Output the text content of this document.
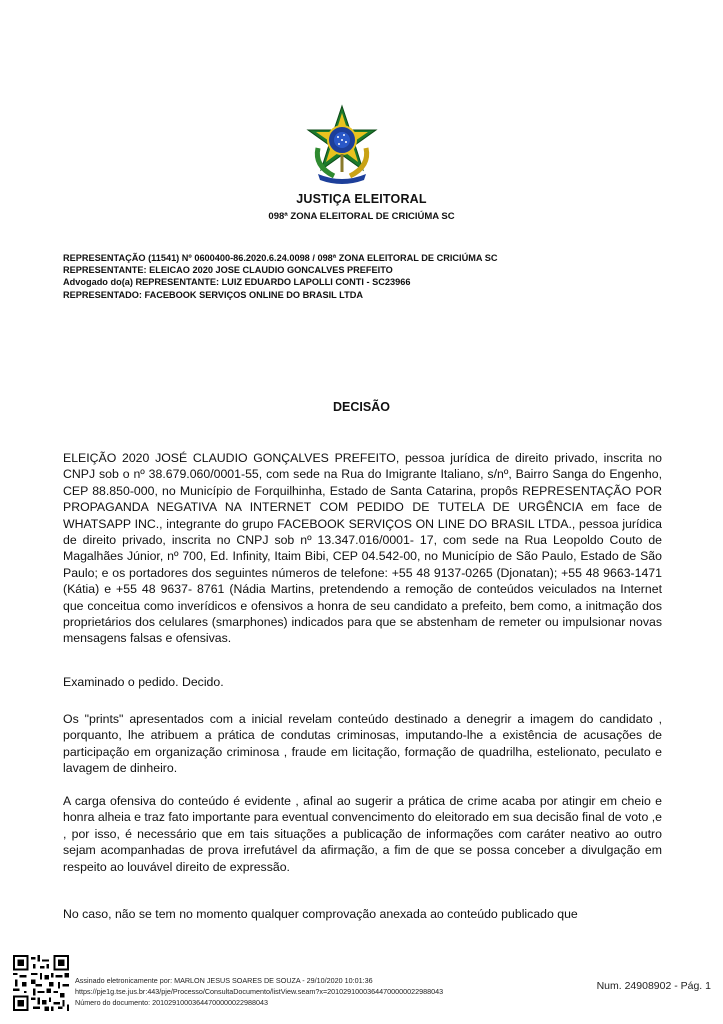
JUSTIÇA ELEITORAL
098ª ZONA ELEITORAL DE CRICIÚMA SC
REPRESENTAÇÃO (11541) Nº 0600400-86.2020.6.24.0098 / 098ª ZONA ELEITORAL DE CRICIÚMA SC
REPRESENTANTE: ELEICAO 2020 JOSE CLAUDIO GONCALVES PREFEITO
Advogado do(a) REPRESENTANTE: LUIZ EDUARDO LAPOLLI CONTI - SC23966
REPRESENTADO: FACEBOOK SERVIÇOS ONLINE DO BRASIL LTDA
DECISÃO

ELEIÇÃO 2020 JOSÉ CLAUDIO GONÇALVES PREFEITO, pessoa jurídica de direito privado, inscrita no CNPJ sob o nº 38.679.060/0001-55, com sede na Rua do Imigrante Italiano, s/nº, Bairro Sanga do Engenho, CEP 88.850-000, no Município de Forquilhinha, Estado de Santa Catarina, propôs REPRESENTAÇÃO POR PROPAGANDA NEGATIVA NA INTERNET COM PEDIDO DE TUTELA DE URGÊNCIA em face de WHATSAPP INC., integrante do grupo FACEBOOK SERVIÇOS ON LINE DO BRASIL LTDA., pessoa jurídica de direito privado, inscrita no CNPJ sob nº 13.347.016/0001- 17, com sede na Rua Leopoldo Couto de Magalhães Júnior, nº 700, Ed. Infinity, Itaim Bibi, CEP 04.542-00, no Município de São Paulo, Estado de São Paulo; e os portadores dos seguintes números de telefone: +55 48 9137-0265 (Djonatan); +55 48 9663-1471 (Kátia) e +55 48 9637- 8761 (Nádia Martins, pretendendo a remoção de conteúdos veiculados na Internet que conceitua como inverídicos e ofensivos a honra de seu candidato a prefeito, bem como, a initmação dos proprietários dos celulares (smarphones) indicados para que se abstenham de remeter ou impulsionar novas mensagens falsas e ofensivas.

Examinado o pedido. Decido.

Os "prints" apresentados com a inicial revelam conteúdo destinado a denegrir a imagem do candidato , porquanto, lhe atribuem a prática de condutas criminosas, imputando-lhe a existência de acusações de participação em organização criminosa , fraude em licitação, formação de quadrilha, estelionato, peculato e lavagem de dinheiro.

A carga ofensiva do conteúdo é evidente , afinal ao sugerir a prática de crime acaba por atingir em cheio e honra alheia e traz fato importante para eventual convencimento do eleitorado em sua decisão final de voto ,e , por isso, é necessário que em tais situações a publicação de informações com caráter neativo ao outro sejam acompanhadas de prova irrefutável da afirmação, a fim de que se possa conceber a divulgação em respeito ao louvável direito de expressão.

No caso, não se tem no momento qualquer comprovação anexada ao conteúdo publicado que

Assinado eletronicamente por: MARLON JESUS SOARES DE SOUZA - 29/10/2020 10:01:36
https://pje1g.tse.jus.br:443/pje/Processo/ConsultaDocumento/listView.seam?x=20102910003644700000022988043
Número do documento: 20102910003644700000022988043
Num. 24908902 - Pág. 1
